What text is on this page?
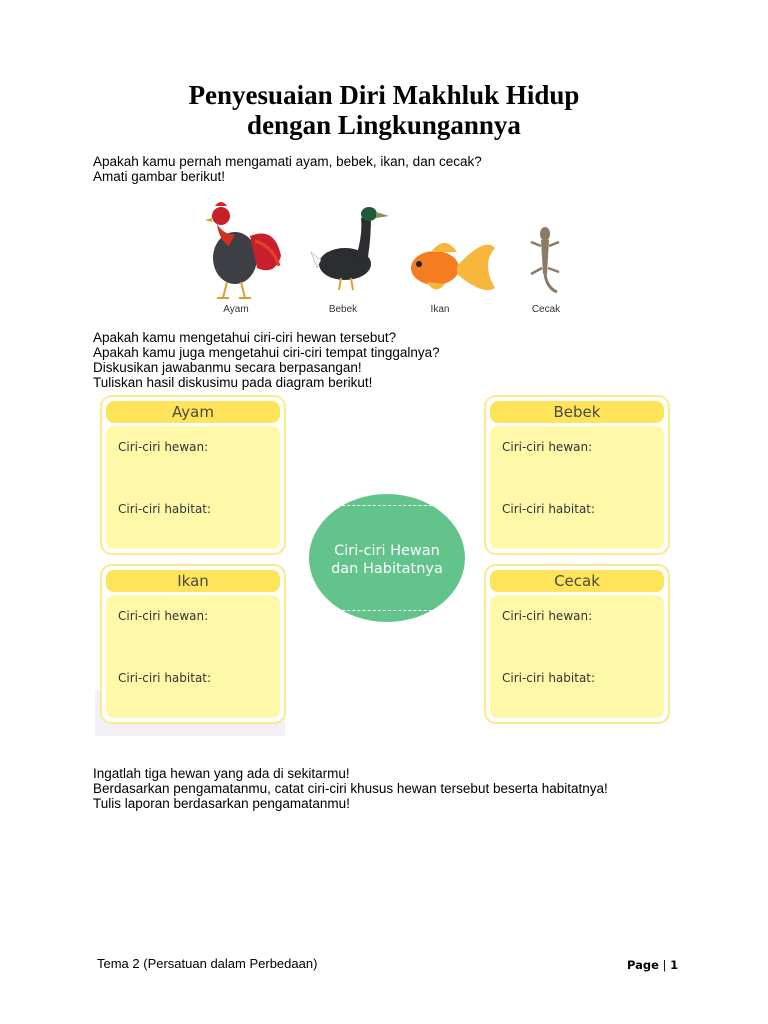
Penyesuaian Diri Makhluk Hidup
dengan Lingkungannya
Apakah kamu pernah mengamati ayam, bebek, ikan, dan cecak?
Amati gambar berikut!
Ayam	Bebek	Ikan	Cecak
Apakah kamu mengetahui ciri-ciri hewan tersebut?
Apakah kamu juga mengetahui ciri-ciri tempat tinggalnya?
Diskusikan jawabanmu secara berpasangan!
Tuliskan hasil diskusimu pada diagram berikut!
Ayam
Ciri-ciri hewan:
Ciri-ciri habitat:
Bebek
Ciri-ciri hewan:
Ciri-ciri habitat:
Ikan
Ciri-ciri hewan:
Ciri-ciri habitat:
Cecak
Ciri-ciri hewan:
Ciri-ciri habitat:
Ciri-ciri Hewan
dan Habitatnya
Ingatlah tiga hewan yang ada di sekitarmu!
Berdasarkan pengamatanmu, catat ciri-ciri khusus hewan tersebut beserta habitatnya!
Tulis laporan berdasarkan pengamatanmu!
Tema 2 (Persatuan dalam Perbedaan)	Page | 1
